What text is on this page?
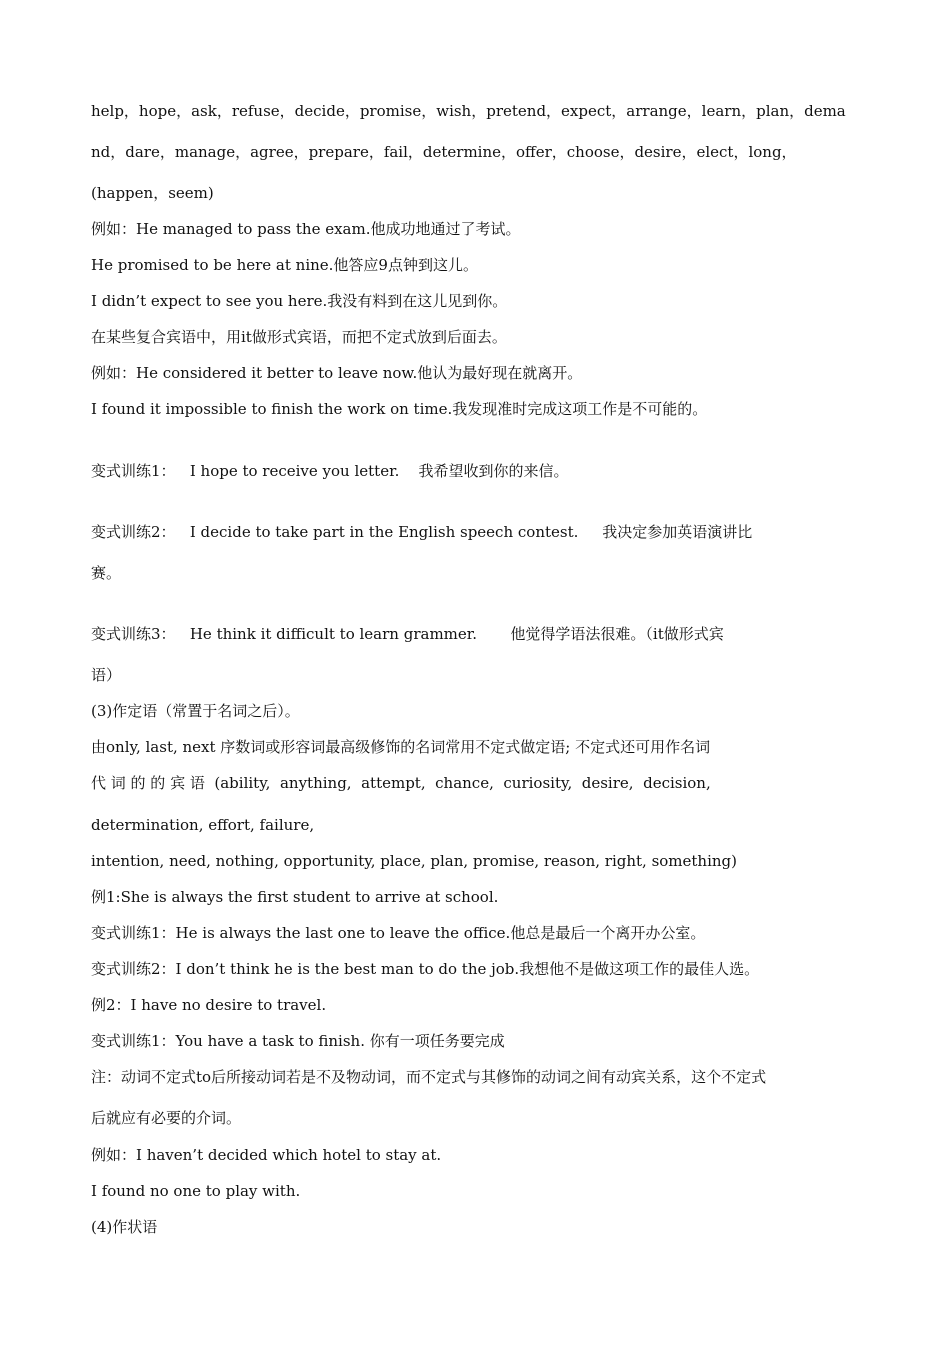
help，hope，ask，refuse，decide，promise，wish，pretend，expect，arrange，learn，plan，dema
nd，dare，manage，agree，prepare，fail，determine，offer，choose，desire，elect，long，
(happen，seem)
例如：He managed to pass the exam.他成功地通过了考试。
He promised to be here at nine.他答应9点钟到这儿。
I didn’t expect to see you here.我没有料到在这儿见到你。
在某些复合宾语中，用it做形式宾语，而把不定式放到后面去。
例如：He considered it better to leave now.他认为最好现在就离开。
I found it impossible to finish the work on time.我发现准时完成这项工作是不可能的。
变式训练1：   I hope to receive you letter.    我希望收到你的来信。
变式训练2：   I decide to take part in the English speech contest.     我决定参加英语演讲比
赛。
变式训练3：   He think it difficult to learn grammer.       他觉得学语法很难。（it做形式宾
语）
(3)作定语（常置于名词之后）。
由only, last, next 序数词或形容词最高级修饰的名词常用不定式做定语; 不定式还可用作名词
代 词 的 的 宾 语  (ability,  anything,  attempt,  chance,  curiosity,  desire,  decision,
determination, effort, failure,
intention, need, nothing, opportunity, place, plan, promise, reason, right, something)
例1:She is always the first student to arrive at school.
变式训练1：He is always the last one to leave the office.他总是最后一个离开办公室。
变式训练2：I don’t think he is the best man to do the job.我想他不是做这项工作的最佳人选。
例2：I have no desire to travel.
变式训练1：You have a task to finish. 你有一项任务要完成
注：动词不定式to后所接动词若是不及物动词，而不定式与其修饰的动词之间有动宾关系，这个不定式
后就应有必要的介词。
例如：I haven’t decided which hotel to stay at.
I found no one to play with.
(4)作状语
